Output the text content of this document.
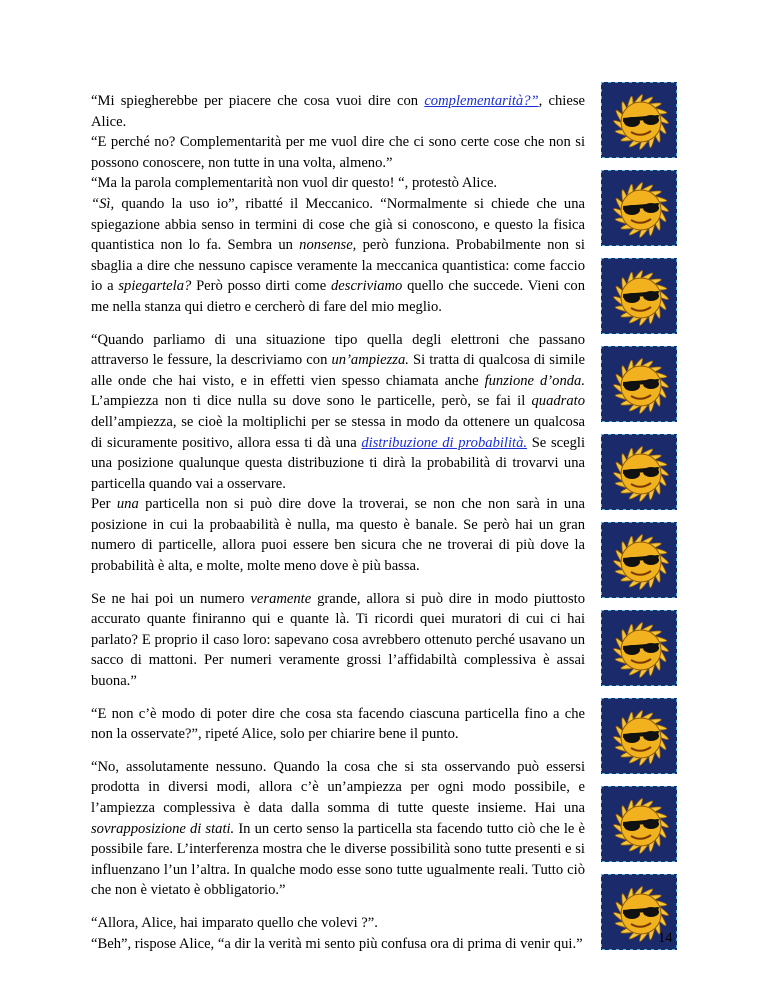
“Mi spiegherebbe per piacere che cosa vuoi dire con complementarità?”, chiese Alice.
“E perché no? Complementarità per me vuol dire che ci sono certe cose che non si possono conoscere, non tutte in una volta, almeno.”
“Ma la parola complementarità non vuol dir questo! “, protestò Alice.
“Sì, quando la uso io”, ribatté il Meccanico. “Normalmente si chiede che una spiegazione abbia senso in termini di cose che già si conoscono, e questo la fisica quantistica non lo fa. Sembra un nonsense, però funziona. Probabilmente non si sbaglia a dire che nessuno capisce veramente la meccanica quantistica: come faccio io a spiegartela? Però posso dirti come descriviamo quello che succede. Vieni con me nella stanza qui dietro e cercherò di fare del mio meglio.

“Quando parliamo di una situazione tipo quella degli elettroni che passano attraverso le fessure, la descriviamo con un’ampiezza. Si tratta di qualcosa di simile alle onde che hai visto, e in effetti vien spesso chiamata anche funzione d’onda. L’ampiezza non ti dice nulla su dove sono le particelle, però, se fai il quadrato dell’ampiezza, se cioè la moltiplichi per se stessa in modo da ottenere un qualcosa di sicuramente positivo, allora essa ti dà una distribuzione di probabilità. Se scegli una posizione qualunque questa distribuzione ti dirà la probabilità di trovarvi una particella quando vai a osservare.
Per una particella non si può dire dove la troverai, se non che non sarà in una posizione in cui la probaabilità è nulla, ma questo è banale. Se però hai un gran numero di particelle, allora puoi essere ben sicura che ne troverai di più dove la probabilità è alta, e molte, molte meno dove è più bassa.

Se ne hai poi un numero veramente grande, allora si può dire in modo piuttosto accurato quante finiranno qui e quante là. Ti ricordi quei muratori di cui ci hai parlato? E proprio il caso loro: sapevano cosa avrebbero ottenuto perché usavano un sacco di mattoni. Per numeri veramente grossi l’affidabiltà complessiva è assai buona.”

“E non c’è modo di poter dire che cosa sta facendo ciascuna particella fino a che non la osservate?”, ripeté Alice, solo per chiarire bene il punto.

“No, assolutamente nessuno. Quando la cosa che si sta osservando può essersi prodotta in diversi modi, allora c’è un’ampiezza per ogni modo possibile, e l’ampiezza complessiva è data dalla somma di tutte queste insieme. Hai una sovrapposizione di stati. In un certo senso la particella sta facendo tutto ciò che le è possibile fare. L’interferenza mostra che le diverse possibilità sono tutte presenti e si influenzano l’un l’altra. In qualche modo esse sono tutte ugualmente reali. Tutto ciò che non è vietato è obbligatorio.”

“Allora, Alice, hai imparato quello che volevi ?”.
“Beh”, rispose Alice, “a dir la verità mi sento più confusa ora di prima di venir qui.”	14
